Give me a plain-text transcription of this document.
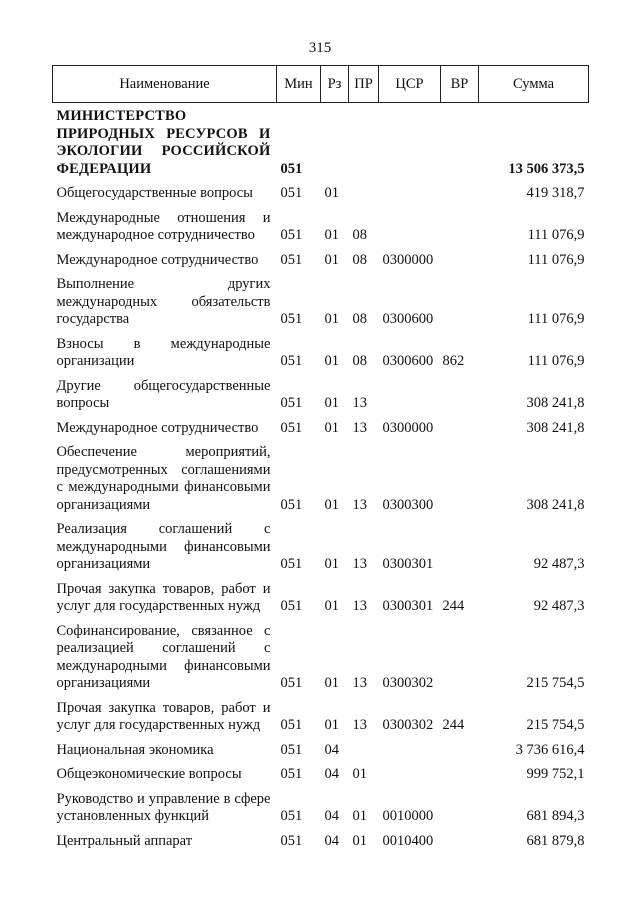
315
Наименование	Мин	Рз	ПР	ЦСР	ВР	Сумма
МИНИСТЕРСТВО ПРИРОДНЫХ РЕСУРСОВ И ЭКОЛОГИИ РОССИЙСКОЙ ФЕДЕРАЦИИ	051					13 506 373,5
Общегосударственные вопросы	051	01				419 318,7
Международные отношения и международное сотрудничество	051	01	08			111 076,9
Международное сотрудничество	051	01	08	0300000		111 076,9
Выполнение других международных обязательств государства	051	01	08	0300600		111 076,9
Взносы в международные организации	051	01	08	0300600	862	111 076,9
Другие общегосударственные вопросы	051	01	13			308 241,8
Международное сотрудничество	051	01	13	0300000		308 241,8
Обеспечение мероприятий, предусмотренных соглашениями с международными финансовыми организациями	051	01	13	0300300		308 241,8
Реализация соглашений с международными финансовыми организациями	051	01	13	0300301		92 487,3
Прочая закупка товаров, работ и услуг для государственных нужд	051	01	13	0300301	244	92 487,3
Софинансирование, связанное с реализацией соглашений с международными финансовыми организациями	051	01	13	0300302		215 754,5
Прочая закупка товаров, работ и услуг для государственных нужд	051	01	13	0300302	244	215 754,5
Национальная экономика	051	04				3 736 616,4
Общеэкономические вопросы	051	04	01			999 752,1
Руководство и управление в сфере установленных функций	051	04	01	0010000		681 894,3
Центральный аппарат	051	04	01	0010400		681 879,8
